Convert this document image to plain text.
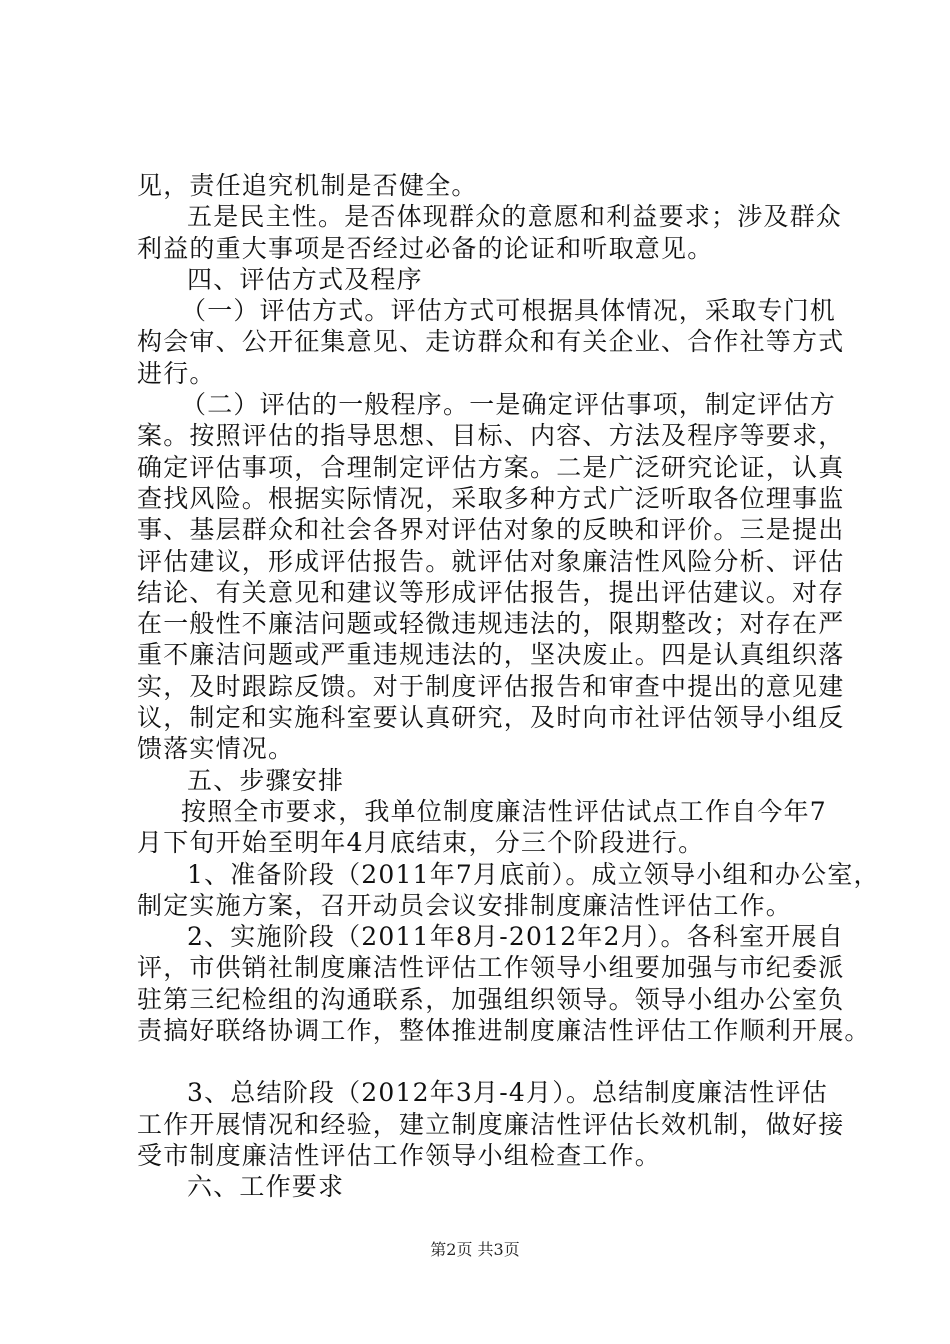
见，责任追究机制是否健全。

五是民主性。是否体现群众的意愿和利益要求；涉及群众

利益的重大事项是否经过必备的论证和听取意见。

四、评估方式及程序

（一）评估方式。评估方式可根据具体情况，采取专门机

构会审、公开征集意见、走访群众和有关企业、合作社等方式

进行。

（二）评估的一般程序。一是确定评估事项，制定评估方

案。按照评估的指导思想、目标、内容、方法及程序等要求，

确定评估事项，合理制定评估方案。二是广泛研究论证，认真

查找风险。根据实际情况，采取多种方式广泛听取各位理事监

事、基层群众和社会各界对评估对象的反映和评价。三是提出

评估建议，形成评估报告。就评估对象廉洁性风险分析、评估

结论、有关意见和建议等形成评估报告，提出评估建议。对存

在一般性不廉洁问题或轻微违规违法的，限期整改；对存在严

重不廉洁问题或严重违规违法的，坚决废止。四是认真组织落

实，及时跟踪反馈。对于制度评估报告和审查中提出的意见建

议，制定和实施科室要认真研究，及时向市社评估领导小组反

馈落实情况。

五、步骤安排

按照全市要求，我单位制度廉洁性评估试点工作自今年7

月下旬开始至明年4月底结束，分三个阶段进行。

1、准备阶段（2011年7月底前）。成立领导小组和办公室，

制定实施方案，召开动员会议安排制度廉洁性评估工作。

2、实施阶段（2011年8月-2012年2月）。各科室开展自

评，市供销社制度廉洁性评估工作领导小组要加强与市纪委派

驻第三纪检组的沟通联系，加强组织领导。领导小组办公室负

责搞好联络协调工作，整体推进制度廉洁性评估工作顺利开展。

3、总结阶段（2012年3月-4月）。总结制度廉洁性评估

工作开展情况和经验，建立制度廉洁性评估长效机制，做好接

受市制度廉洁性评估工作领导小组检查工作。

六、工作要求

第2页 共3页
